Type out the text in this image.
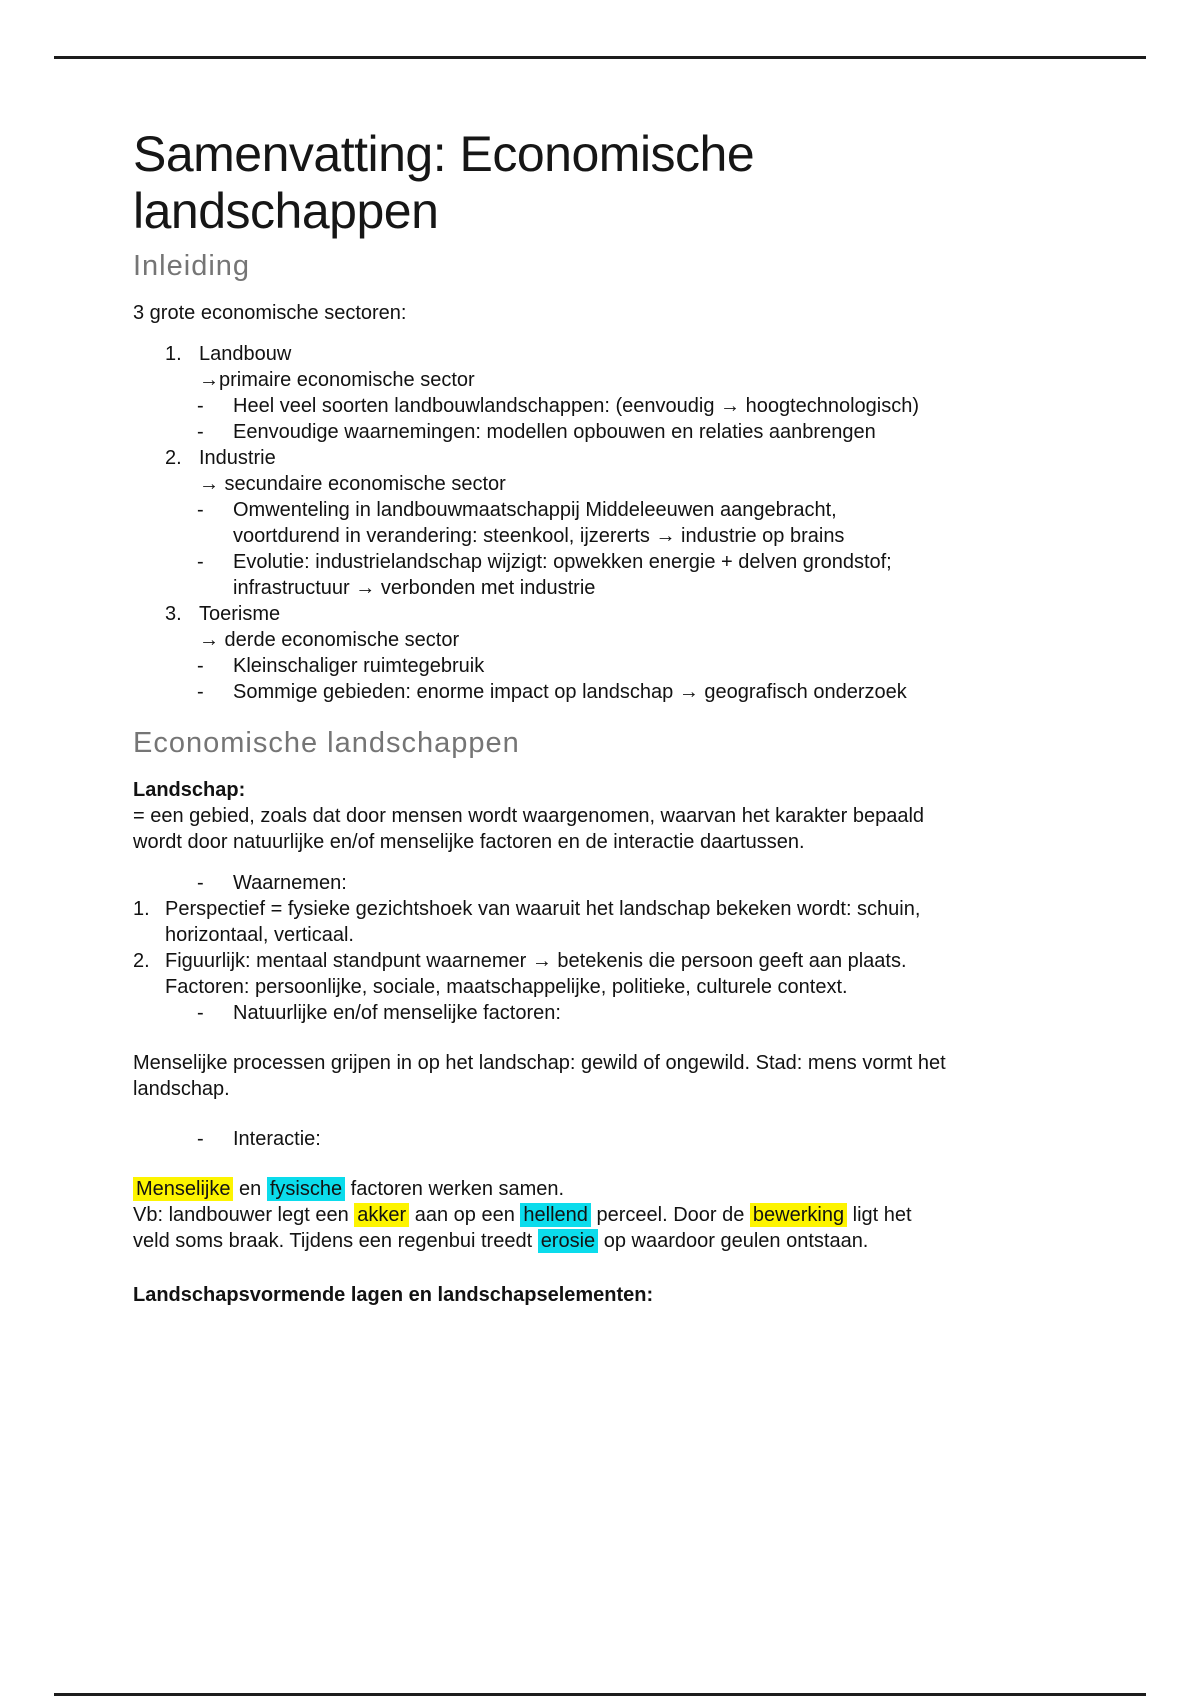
Samenvatting: Economische landschappen
Inleiding

3 grote economische sectoren:

1. Landbouw
→primaire economische sector
- Heel veel soorten landbouwlandschappen: (eenvoudig → hoogtechnologisch)
- Eenvoudige waarnemingen: modellen opbouwen en relaties aanbrengen
2. Industrie
→ secundaire economische sector
- Omwenteling in landbouwmaatschappij Middeleeuwen aangebracht, voortdurend in verandering: steenkool, ijzererts → industrie op brains
- Evolutie: industrielandschap wijzigt: opwekken energie + delven grondstof; infrastructuur → verbonden met industrie
3. Toerisme
→ derde economische sector
- Kleinschaliger ruimtegebruik
- Sommige gebieden: enorme impact op landschap → geografisch onderzoek
Economische landschappen
Landschap:
= een gebied, zoals dat door mensen wordt waargenomen, waarvan het karakter bepaald wordt door natuurlijke en/of menselijke factoren en de interactie daartussen.
- Waarnemen:
1. Perspectief = fysieke gezichtshoek van waaruit het landschap bekeken wordt: schuin, horizontaal, verticaal.
2. Figuurlijk: mentaal standpunt waarnemer → betekenis die persoon geeft aan plaats. Factoren: persoonlijke, sociale, maatschappelijke, politieke, culturele context.
- Natuurlijke en/of menselijke factoren:

Menselijke processen grijpen in op het landschap: gewild of ongewild. Stad: mens vormt het landschap.

- Interactie:
Menselijke en fysische factoren werken samen.
Vb: landbouwer legt een akker aan op een hellend perceel. Door de bewerking ligt het veld soms braak. Tijdens een regenbui treedt erosie op waardoor geulen ontstaan.

Landschapsvormende lagen en landschapselementen:
